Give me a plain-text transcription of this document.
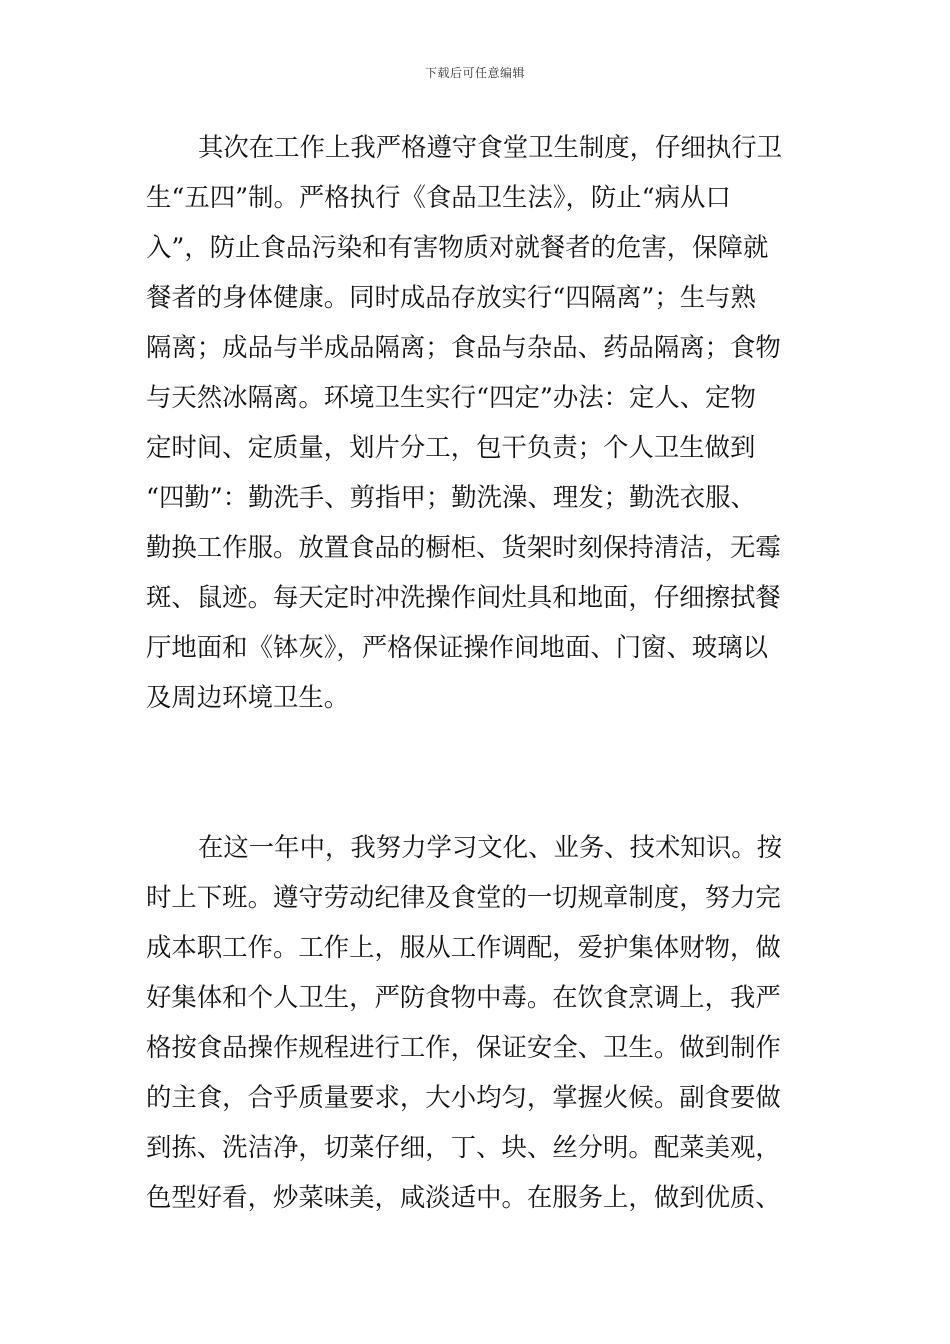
下载后可任意编辑
其次在工作上我严格遵守食堂卫生制度，仔细执行卫
生“五四”制。严格执行《食品卫生法》，防止“病从口
入”，防止食品污染和有害物质对就餐者的危害，保障就
餐者的身体健康。同时成品存放实行“四隔离”；生与熟
隔离；成品与半成品隔离；食品与杂品、药品隔离；食物
与天然冰隔离。环境卫生实行“四定”办法：定人、定物
定时间、定质量，划片分工，包干负责；个人卫生做到
“四勤”：勤洗手、剪指甲；勤洗澡、理发；勤洗衣服、
勤换工作服。放置食品的橱柜、货架时刻保持清洁，无霉
斑、鼠迹。每天定时冲洗操作间灶具和地面，仔细擦拭餐
厅地面和《钵灰》，严格保证操作间地面、门窗、玻璃以
及周边环境卫生。
在这一年中，我努力学习文化、业务、技术知识。按
时上下班。遵守劳动纪律及食堂的一切规章制度，努力完
成本职工作。工作上，服从工作调配，爱护集体财物，做
好集体和个人卫生，严防食物中毒。在饮食烹调上，我严
格按食品操作规程进行工作，保证安全、卫生。做到制作
的主食，合乎质量要求，大小均匀，掌握火候。副食要做
到拣、洗洁净，切菜仔细，丁、块、丝分明。配菜美观，
色型好看，炒菜味美，咸淡适中。在服务上，做到优质、
